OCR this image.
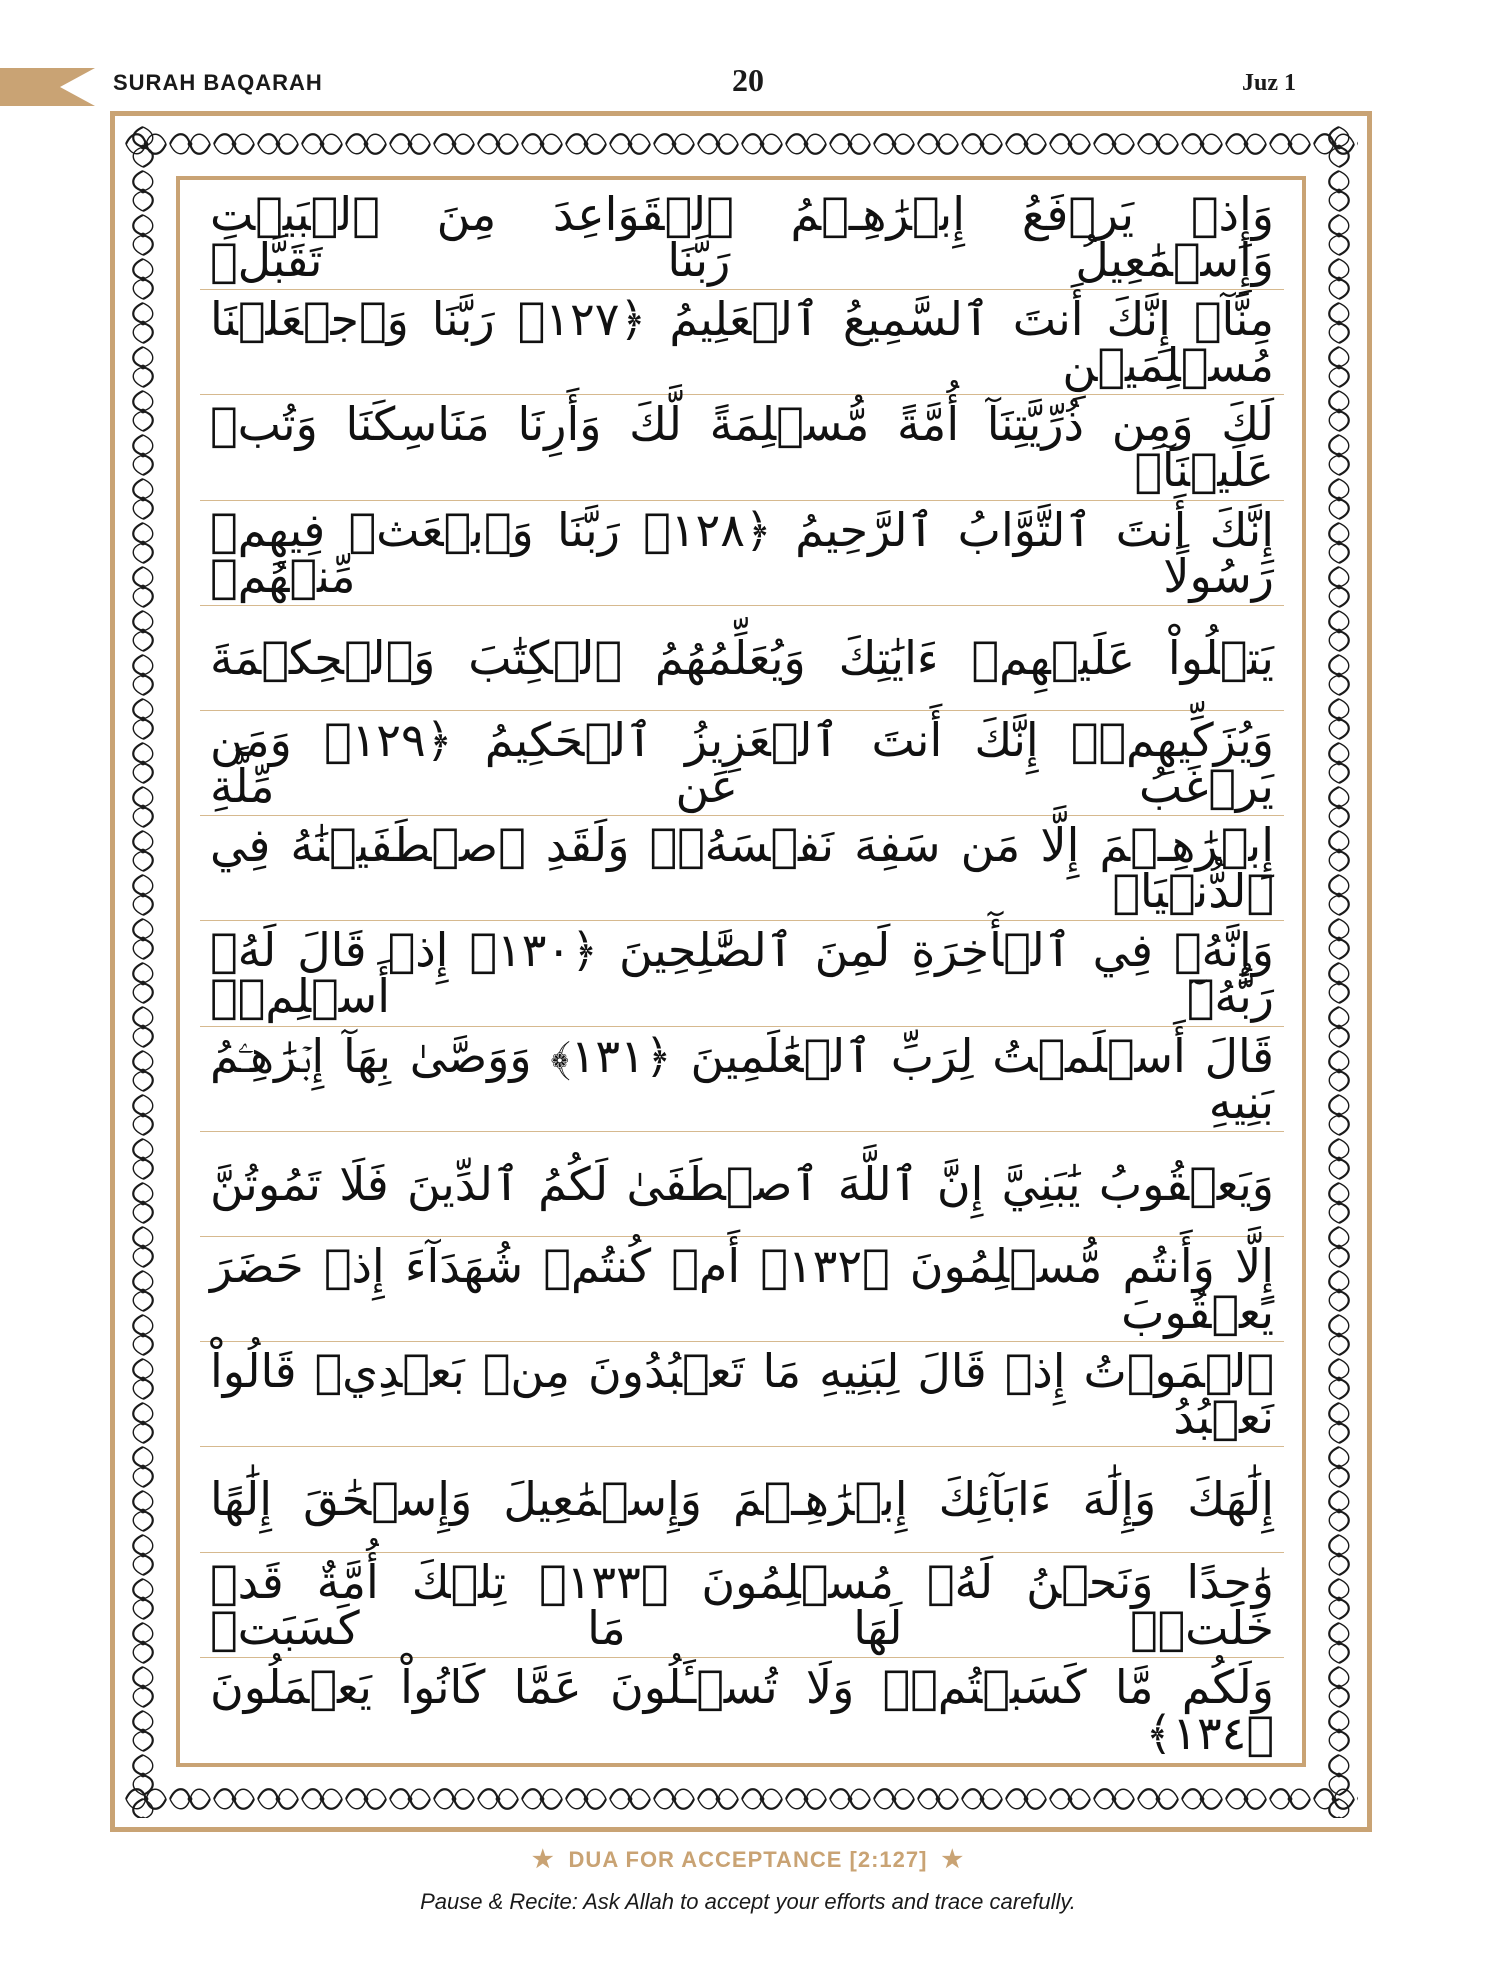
SURAH BAQARAH	20	Juz 1
وَإِذۡ يَرۡفَعُ إِبۡرَٰهِـۧمُ ٱلۡقَوَاعِدَ مِنَ ٱلۡبَيۡتِ وَإِسۡمَٰعِيلُ رَبَّنَا تَقَبَّلۡ
مِنَّآۖ إِنَّكَ أَنتَ ٱلسَّمِيعُ ٱلۡعَلِيمُ ﴿١٢٧﴾ رَبَّنَا وَٱجۡعَلۡنَا مُسۡلِمَيۡنِ
لَكَ وَمِن ذُرِّيَّتِنَآ أُمَّةً مُّسۡلِمَةً لَّكَ وَأَرِنَا مَنَاسِكَنَا وَتُبۡ عَلَيۡنَآۖ
إِنَّكَ أَنتَ ٱلتَّوَّابُ ٱلرَّحِيمُ ﴿١٢٨﴾ رَبَّنَا وَٱبۡعَثۡ فِيهِمۡ رَسُولًا مِّنۡهُمۡ
يَتۡلُواْ عَلَيۡهِمۡ ءَايَٰتِكَ وَيُعَلِّمُهُمُ ٱلۡكِتَٰبَ وَٱلۡحِكۡمَةَ
وَيُزَكِّيهِمۡۖ إِنَّكَ أَنتَ ٱلۡعَزِيزُ ٱلۡحَكِيمُ ﴿١٢٩﴾ وَمَن يَرۡغَبُ عَن مِّلَّةِ
إِبۡرَٰهِـۧمَ إِلَّا مَن سَفِهَ نَفۡسَهُۥۚ وَلَقَدِ ٱصۡطَفَيۡنَٰهُ فِي ٱلدُّنۡيَاۖ
وَإِنَّهُۥ فِي ٱلۡأٓخِرَةِ لَمِنَ ٱلصَّٰلِحِينَ ﴿١٣٠﴾ إِذۡ قَالَ لَهُۥ رَبُّهُۥٓ أَسۡلِمۡۖ
قَالَ أَسۡلَمۡتُ لِرَبِّ ٱلۡعَٰلَمِينَ ﴿١٣١﴾ وَوَصَّىٰ بِهَآ إِبۡرَٰهِـۧمُ بَنِيهِ
وَيَعۡقُوبُ يَٰبَنِيَّ إِنَّ ٱللَّهَ ٱصۡطَفَىٰ لَكُمُ ٱلدِّينَ فَلَا تَمُوتُنَّ
إِلَّا وَأَنتُم مُّسۡلِمُونَ ﴿١٣٢﴾ أَمۡ كُنتُمۡ شُهَدَآءَ إِذۡ حَضَرَ يَعۡقُوبَ
ٱلۡمَوۡتُ إِذۡ قَالَ لِبَنِيهِ مَا تَعۡبُدُونَ مِنۢ بَعۡدِيۖ قَالُواْ نَعۡبُدُ
إِلَٰهَكَ وَإِلَٰهَ ءَابَآئِكَ إِبۡرَٰهِـۧمَ وَإِسۡمَٰعِيلَ وَإِسۡحَٰقَ إِلَٰهًا
وَٰحِدًا وَنَحۡنُ لَهُۥ مُسۡلِمُونَ ﴿١٣٣﴾ تِلۡكَ أُمَّةٌ قَدۡ خَلَتۡۖ لَهَا مَا كَسَبَتۡ
وَلَكُم مَّا كَسَبۡتُمۡۖ وَلَا تُسۡـَٔلُونَ عَمَّا كَانُواْ يَعۡمَلُونَ ﴿١٣٤﴾
★ DUA FOR ACCEPTANCE [2:127] ★
Pause & Recite: Ask Allah to accept your efforts and trace carefully.
